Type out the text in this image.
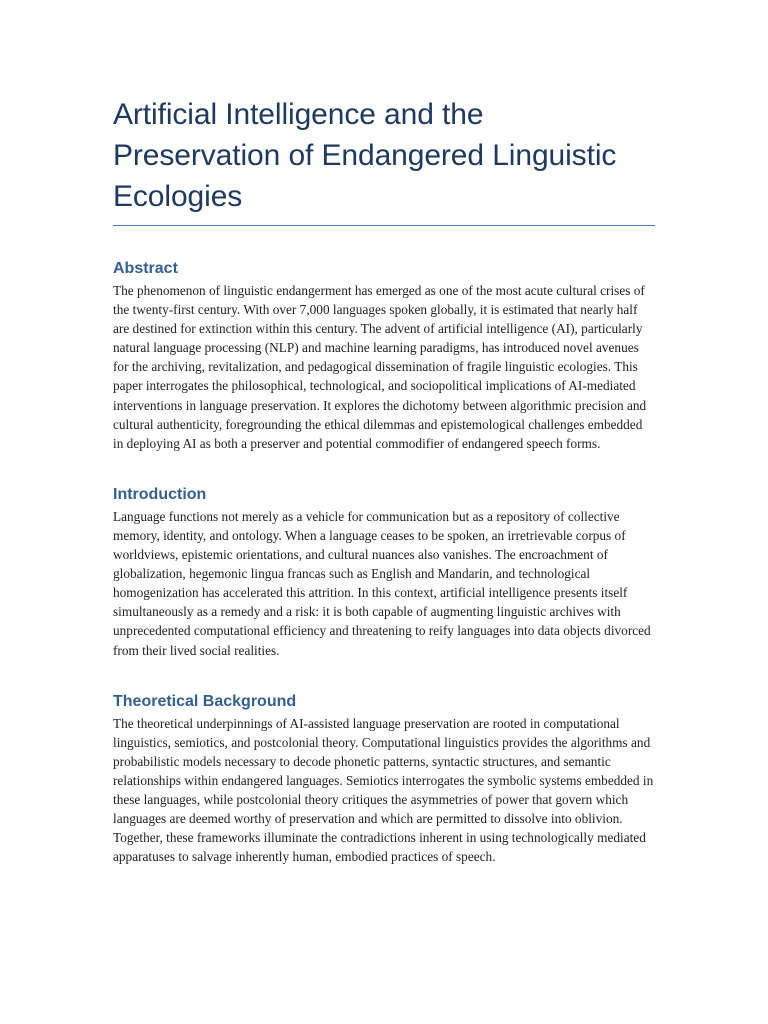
Artificial Intelligence and the Preservation of Endangered Linguistic Ecologies
Abstract

The phenomenon of linguistic endangerment has emerged as one of the most acute cultural crises of the twenty-first century. With over 7,000 languages spoken globally, it is estimated that nearly half are destined for extinction within this century. The advent of artificial intelligence (AI), particularly natural language processing (NLP) and machine learning paradigms, has introduced novel avenues for the archiving, revitalization, and pedagogical dissemination of fragile linguistic ecologies. This paper interrogates the philosophical, technological, and sociopolitical implications of AI-mediated interventions in language preservation. It explores the dichotomy between algorithmic precision and cultural authenticity, foregrounding the ethical dilemmas and epistemological challenges embedded in deploying AI as both a preserver and potential commodifier of endangered speech forms.

Introduction

Language functions not merely as a vehicle for communication but as a repository of collective memory, identity, and ontology. When a language ceases to be spoken, an irretrievable corpus of worldviews, epistemic orientations, and cultural nuances also vanishes. The encroachment of globalization, hegemonic lingua francas such as English and Mandarin, and technological homogenization has accelerated this attrition. In this context, artificial intelligence presents itself simultaneously as a remedy and a risk: it is both capable of augmenting linguistic archives with unprecedented computational efficiency and threatening to reify languages into data objects divorced from their lived social realities.

Theoretical Background

The theoretical underpinnings of AI-assisted language preservation are rooted in computational linguistics, semiotics, and postcolonial theory. Computational linguistics provides the algorithms and probabilistic models necessary to decode phonetic patterns, syntactic structures, and semantic relationships within endangered languages. Semiotics interrogates the symbolic systems embedded in these languages, while postcolonial theory critiques the asymmetries of power that govern which languages are deemed worthy of preservation and which are permitted to dissolve into oblivion. Together, these frameworks illuminate the contradictions inherent in using technologically mediated apparatuses to salvage inherently human, embodied practices of speech.
